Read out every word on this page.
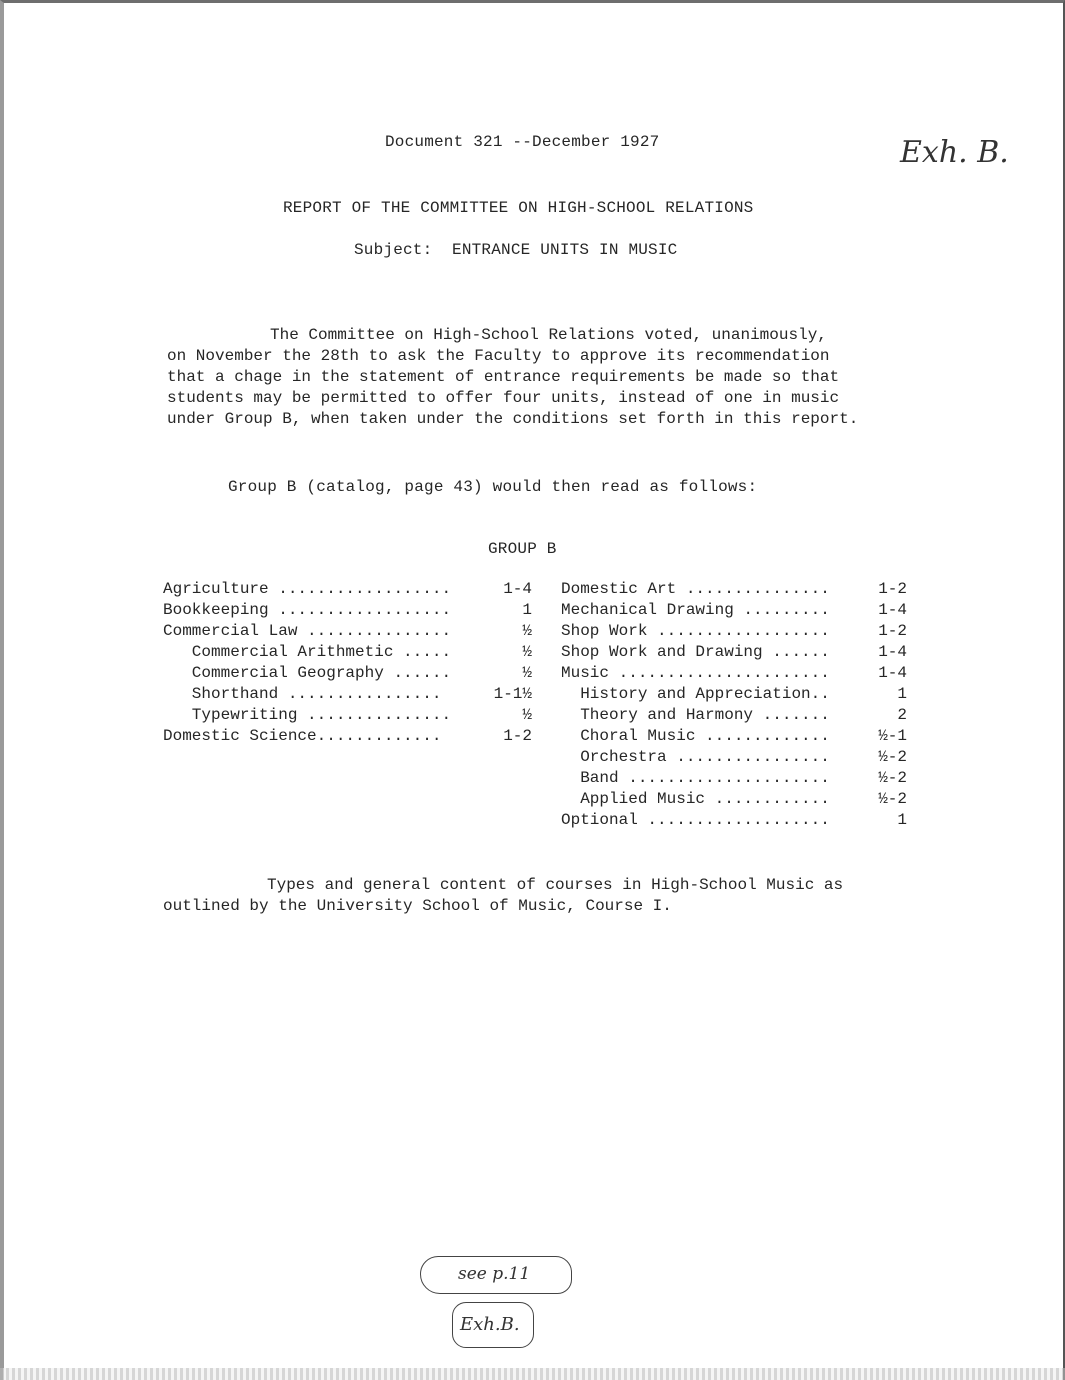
Document 321 --December 1927	Exh. B.
REPORT OF THE COMMITTEE ON HIGH-SCHOOL RELATIONS
Subject:  ENTRANCE UNITS IN MUSIC
The Committee on High-School Relations voted, unanimously,
on November the 28th to ask the Faculty to approve its recommendation
that a chage in the statement of entrance requirements be made so that
students may be permitted to offer four units, instead of one in music
under Group B, when taken under the conditions set forth in this report.
Group B (catalog, page 43) would then read as follows:
GROUP B
Agriculture ..................	1-4
Bookkeeping ..................	1
Commercial Law ...............	½
Commercial Arithmetic .....	½
Commercial Geography ......	½
Shorthand ................	1-1½
Typewriting ...............	½
Domestic Science.............	1-2
Domestic Art ...............	1-2
Mechanical Drawing .........	1-4
Shop Work ..................	1-2
Shop Work and Drawing ......	1-4
Music ......................	1-4
History and Appreciation..	1
Theory and Harmony .......	2
Choral Music .............	½-1
Orchestra ................	½-2
Band .....................	½-2
Applied Music ............	½-2
Optional ...................	1
Types and general content of courses in High-School Music as
outlined by the University School of Music, Course I.
see p.11
Exh.B.
